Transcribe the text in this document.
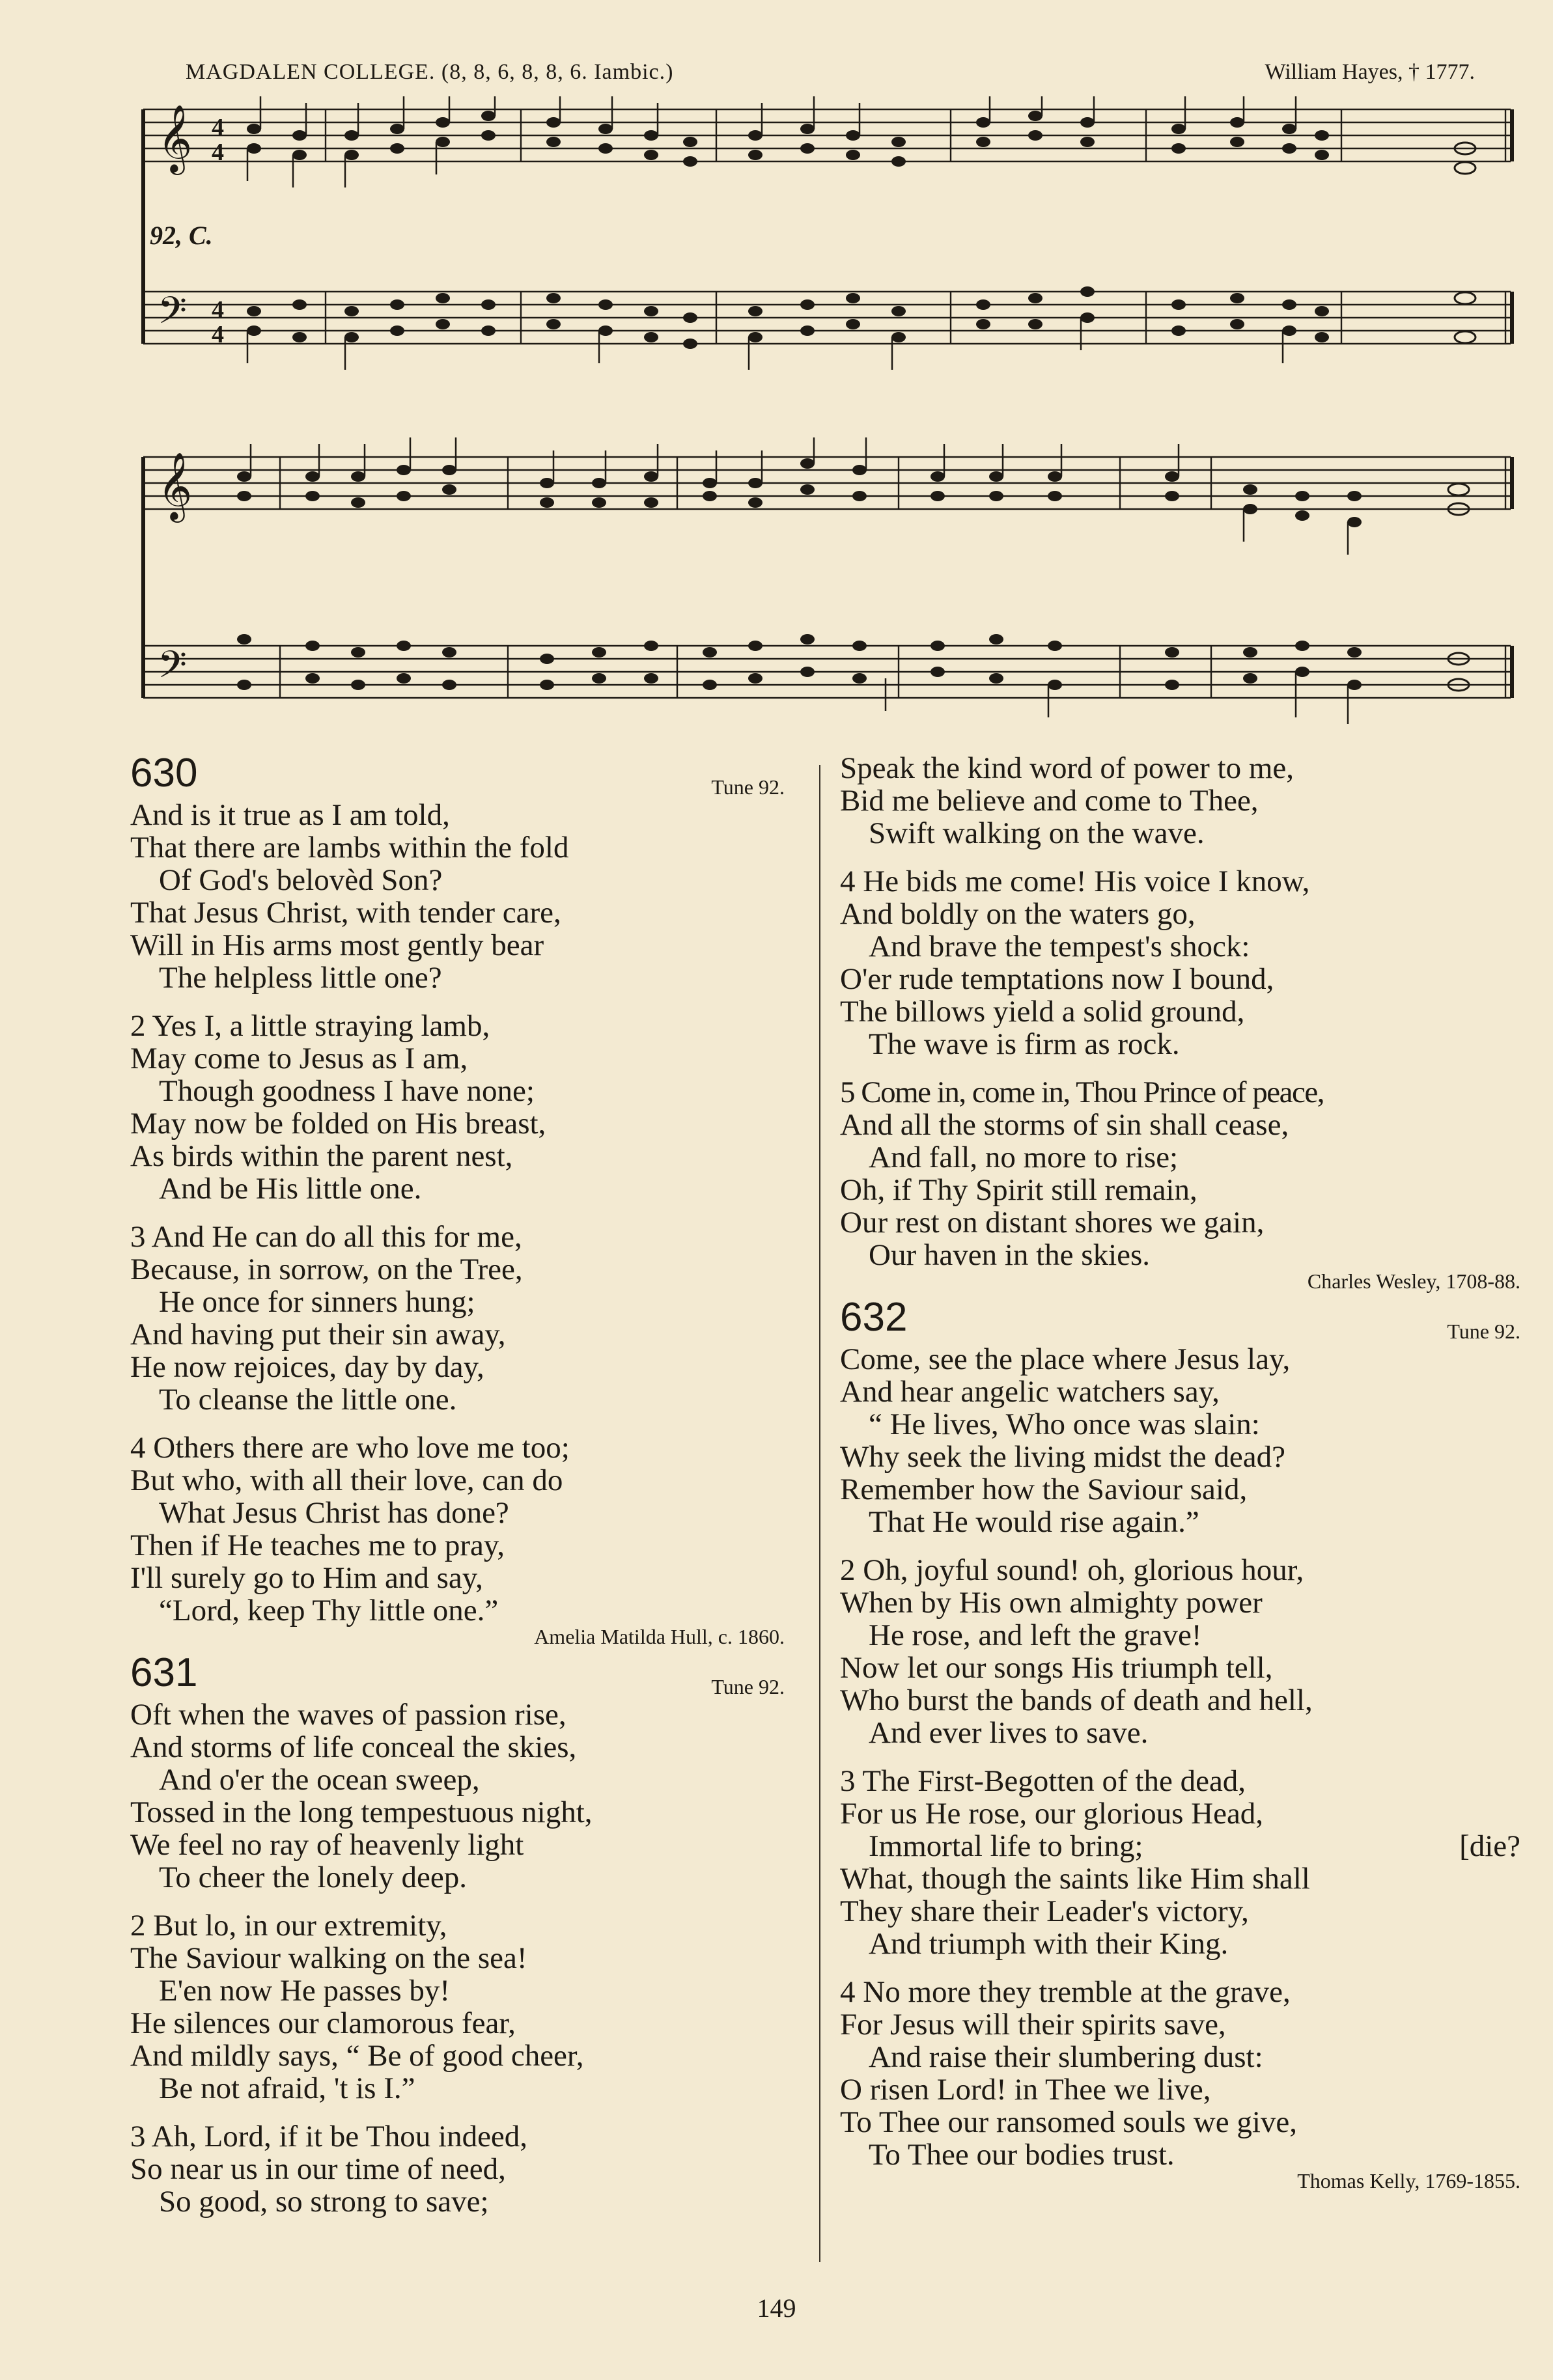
MAGDALEN COLLEGE. (8, 8, 6, 8, 8, 6. Iambic.)	William Hayes, † 1777.
𝄞
𝄢
4
4
4
4
92, C.
𝄞
𝄢
630	Tune 92.
And is it true as I am told,
That there are lambs within the fold
Of God's belovèd Son?
That Jesus Christ, with tender care,
Will in His arms most gently bear
The helpless little one?
2 Yes I, a little straying lamb,
May come to Jesus as I am,
Though goodness I have none;
May now be folded on His breast,
As birds within the parent nest,
And be His little one.
3 And He can do all this for me,
Because, in sorrow, on the Tree,
He once for sinners hung;
And having put their sin away,
He now rejoices, day by day,
To cleanse the little one.
4 Others there are who love me too;
But who, with all their love, can do
What Jesus Christ has done?
Then if He teaches me to pray,
I'll surely go to Him and say,
“Lord, keep Thy little one.”
Amelia Matilda Hull, c. 1860.
631	Tune 92.
Oft when the waves of passion rise,
And storms of life conceal the skies,
And o'er the ocean sweep,
Tossed in the long tempestuous night,
We feel no ray of heavenly light
To cheer the lonely deep.
2 But lo, in our extremity,
The Saviour walking on the sea!
E'en now He passes by!
He silences our clamorous fear,
And mildly says, “ Be of good cheer,
Be not afraid, 't is I.”
3 Ah, Lord, if it be Thou indeed,
So near us in our time of need,
So good, so strong to save;
Speak the kind word of power to me,
Bid me believe and come to Thee,
Swift walking on the wave.
4 He bids me come! His voice I know,
And boldly on the waters go,
And brave the tempest's shock:
O'er rude temptations now I bound,
The billows yield a solid ground,
The wave is firm as rock.
5 Come in, come in, Thou Prince of peace,
And all the storms of sin shall cease,
And fall, no more to rise;
Oh, if Thy Spirit still remain,
Our rest on distant shores we gain,
Our haven in the skies.
Charles Wesley, 1708-88.
632	Tune 92.
Come, see the place where Jesus lay,
And hear angelic watchers say,
“ He lives, Who once was slain:
Why seek the living midst the dead?
Remember how the Saviour said,
That He would rise again.”
2 Oh, joyful sound! oh, glorious hour,
When by His own almighty power
He rose, and left the grave!
Now let our songs His triumph tell,
Who burst the bands of death and hell,
And ever lives to save.
3 The First-Begotten of the dead,
For us He rose, our glorious Head,
Immortal life to bring;	[die?
What, though the saints like Him shall
They share their Leader's victory,
And triumph with their King.
4 No more they tremble at the grave,
For Jesus will their spirits save,
And raise their slumbering dust:
O risen Lord! in Thee we live,
To Thee our ransomed souls we give,
To Thee our bodies trust.
Thomas Kelly, 1769-1855.
149
